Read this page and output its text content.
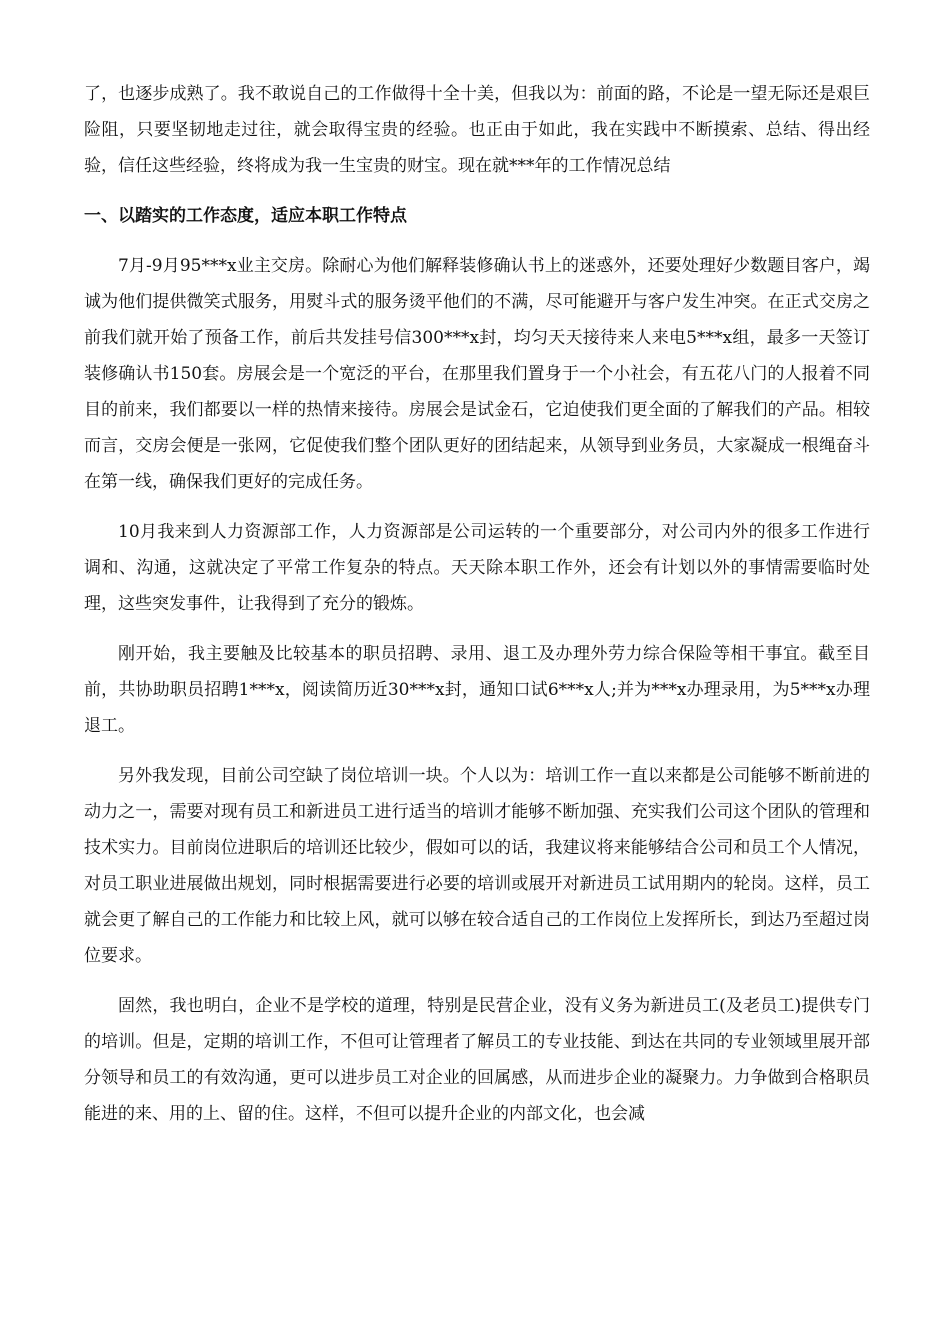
了，也逐步成熟了。我不敢说自己的工作做得十全十美，但我以为：前面的路，不论是一望无际还是艰巨险阻，只要坚韧地走过往，就会取得宝贵的经验。也正由于如此，我在实践中不断摸索、总结、得出经验，信任这些经验，终将成为我一生宝贵的财宝。现在就***年的工作情况总结

一、以踏实的工作态度，适应本职工作特点

7月-9月95***x业主交房。除耐心为他们解释装修确认书上的迷惑外，还要处理好少数题目客户，竭诚为他们提供微笑式服务，用熨斗式的服务烫平他们的不满，尽可能避开与客户发生冲突。在正式交房之前我们就开始了预备工作，前后共发挂号信300***x封，均匀天天接待来人来电5***x组，最多一天签订装修确认书150套。房展会是一个宽泛的平台，在那里我们置身于一个小社会，有五花八门的人报着不同目的前来，我们都要以一样的热情来接待。房展会是试金石，它迫使我们更全面的了解我们的产品。相较而言，交房会便是一张网，它促使我们整个团队更好的团结起来，从领导到业务员，大家凝成一根绳奋斗在第一线，确保我们更好的完成任务。

10月我来到人力资源部工作，人力资源部是公司运转的一个重要部分，对公司内外的很多工作进行调和、沟通，这就决定了平常工作复杂的特点。天天除本职工作外，还会有计划以外的事情需要临时处理，这些突发事件，让我得到了充分的锻炼。

刚开始，我主要触及比较基本的职员招聘、录用、退工及办理外劳力综合保险等相干事宜。截至目前，共协助职员招聘1***x，阅读简历近30***x封，通知口试6***x人;并为***x办理录用，为5***x办理退工。

另外我发现，目前公司空缺了岗位培训一块。个人以为：培训工作一直以来都是公司能够不断前进的动力之一，需要对现有员工和新进员工进行适当的培训才能够不断加强、充实我们公司这个团队的管理和技术实力。目前岗位进职后的培训还比较少，假如可以的话，我建议将来能够结合公司和员工个人情况，对员工职业进展做出规划，同时根据需要进行必要的培训或展开对新进员工试用期内的轮岗。这样，员工就会更了解自己的工作能力和比较上风，就可以够在较合适自己的工作岗位上发挥所长，到达乃至超过岗位要求。

固然，我也明白，企业不是学校的道理，特别是民营企业，没有义务为新进员工(及老员工)提供专门的培训。但是，定期的培训工作，不但可让管理者了解员工的专业技能、到达在共同的专业领域里展开部分领导和员工的有效沟通，更可以进步员工对企业的回属感，从而进步企业的凝聚力。力争做到合格职员能进的来、用的上、留的住。这样，不但可以提升企业的内部文化，也会减
